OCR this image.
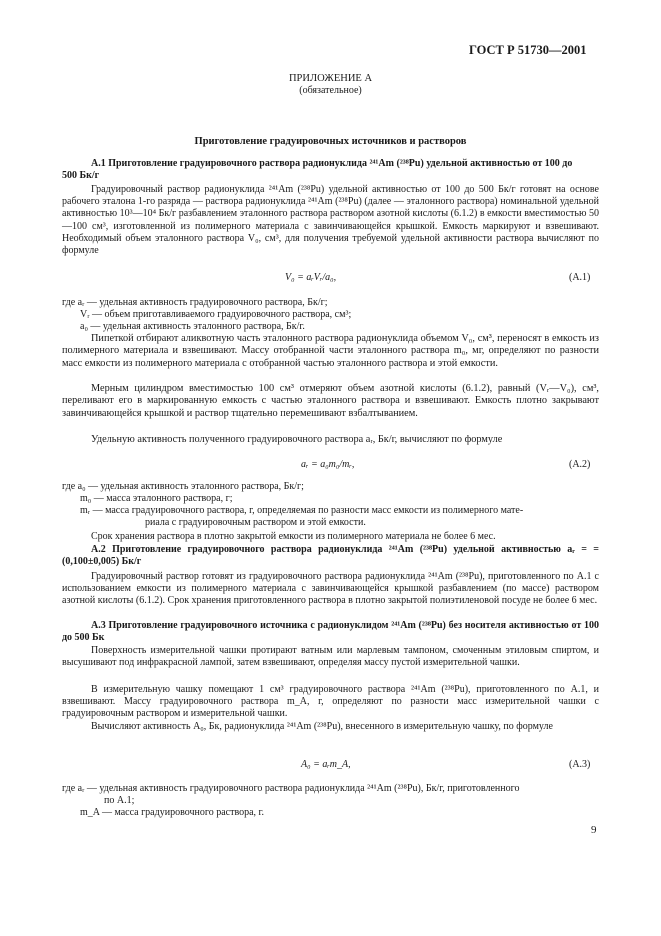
ГОСТ Р 51730—2001
ПРИЛОЖЕНИЕ А
(обязательное)
Приготовление градуировочных источников и растворов

А.1 Приготовление градуировочного раствора радионуклида ²⁴¹Am (²³⁸Pu) удельной активностью от 100 до

500 Бк/г

Градуировочный раствор радионуклида ²⁴¹Am (²³⁸Pu) удельной активностью от 100 до 500 Бк/г готовят на основе рабочего эталона 1-го разряда — раствора радионуклида ²⁴¹Am (²³⁸Pu) (далее — эталонного раствора) номинальной удельной активностью 10³—10⁴ Бк/г разбавлением эталонного раствора раствором азотной кислоты (6.1.2) в емкости вместимостью 50—100 см³, изготовленной из полимерного материала с завинчивающейся крышкой. Емкость маркируют и взвешивают. Необходимый объем эталонного раствора V₀, см³, для получения требуемой удельной активности раствора вычисляют по формуле
V₀ = aᵣVᵣ/a₀,	(А.1)
где aᵣ — удельная активность градуировочного раствора, Бк/г;
Vᵣ — объем приготавливаемого градуировочного раствора, см³;
a₀ — удельная активность эталонного раствора, Бк/г.
Пипеткой отбирают аликвотную часть эталонного раствора радионуклида объемом V₀, см³, переносят в емкость из полимерного материала и взвешивают. Массу отобранной части эталонного раствора m₀, мг, определяют по разности масс емкости из полимерного материала с отобранной частью эталонного раствора и этой емкости.
Мерным цилиндром вместимостью 100 см³ отмеряют объем азотной кислоты (6.1.2), равный (Vᵣ—V₀), см³, переливают его в маркированную емкость с частью эталонного раствора и взвешивают. Емкость плотно закрывают завинчивающейся крышкой и раствор тщательно перемешивают взбалтыванием.
Удельную активность полученного градуировочного раствора aᵣ, Бк/г, вычисляют по формуле
aᵣ = a₀m₀/mᵣ,	(А.2)
где a₀ — удельная активность эталонного раствора, Бк/г;
m₀ — масса эталонного раствора, г;
mᵣ — масса градуировочного раствора, г, определяемая по разности масс емкости из полимерного мате-
риала с градуировочным раствором и этой емкости.
Срок хранения раствора в плотно закрытой емкости из полимерного материала не более 6 мес.
А.2 Приготовление градуировочного раствора радионуклида ²⁴¹Am (²³⁸Pu) удельной активностью aᵣ = = (0,100±0,005) Бк/г
Градуировочный раствор готовят из градуировочного раствора радионуклида ²⁴¹Am (²³⁸Pu), приготовленного по А.1 с использованием емкости из полимерного материала с завинчивающейся крышкой разбавлением (по массе) раствором азотной кислоты (6.1.2). Срок хранения приготовленного раствора в плотно закрытой полиэтиленовой посуде не более 6 мес.
А.3 Приготовление градуировочного источника с радионуклидом ²⁴¹Am (²³⁸Pu) без носителя активностью от 100 до 500 Бк
Поверхность измерительной чашки протирают ватным или марлевым тампоном, смоченным этиловым спиртом, и высушивают под инфракрасной лампой, затем взвешивают, определяя массу пустой измерительной чашки.
В измерительную чашку помещают 1 см³ градуировочного раствора ²⁴¹Am (²³⁸Pu), приготовленного по А.1, и взвешивают. Массу градуировочного раствора m_A, г, определяют по разности масс измерительной чашки с градуировочным раствором и измерительной чашки.
Вычисляют активность A₀, Бк, радионуклида ²⁴¹Am (²³⁸Pu), внесенного в измерительную чашку, по формуле
A₀ = aᵣm_A,	(А.3)
где aᵣ — удельная активность градуировочного раствора радионуклида ²⁴¹Am (²³⁸Pu), Бк/г, приготовленного
по А.1;
m_A — масса градуировочного раствора, г.
9
